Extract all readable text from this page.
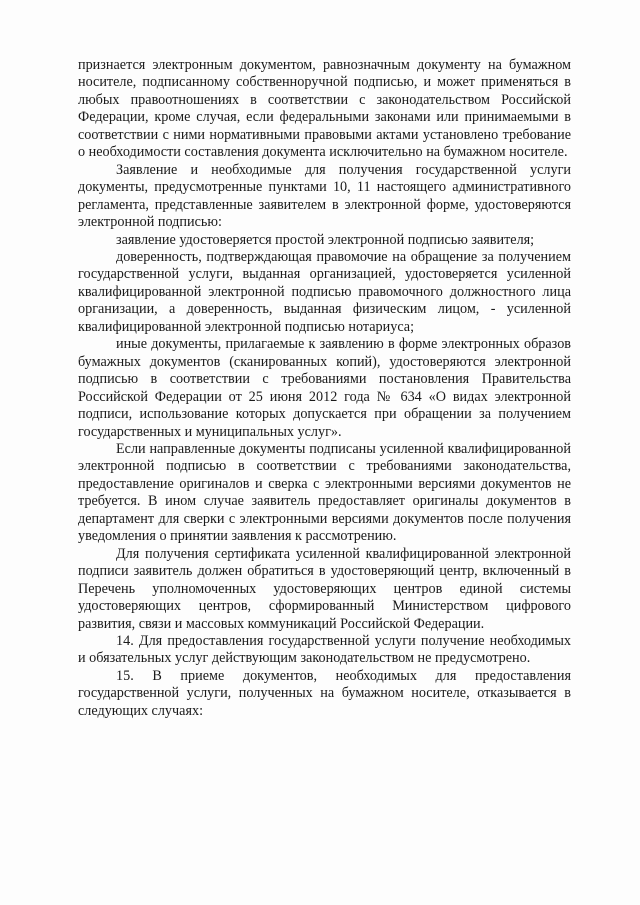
признается электронным документом, равнозначным документу на бумажном носителе, подписанному собственноручной подписью, и может применяться в любых правоотношениях в соответствии с законодательством Российской Федерации, кроме случая, если федеральными законами или принимаемыми в соответствии с ними нормативными правовыми актами установлено требование о необходимости составления документа исключительно на бумажном носителе.

Заявление и необходимые для получения государственной услуги документы, предусмотренные пунктами 10, 11 настоящего административного регламента, представленные заявителем в электронной форме, удостоверяются электронной подписью:

заявление удостоверяется простой электронной подписью заявителя;

доверенность, подтверждающая правомочие на обращение за получением государственной услуги, выданная организацией, удостоверяется усиленной квалифицированной электронной подписью правомочного должностного лица организации, а доверенность, выданная физическим лицом, - усиленной квалифицированной электронной подписью нотариуса;

иные документы, прилагаемые к заявлению в форме электронных образов бумажных документов (сканированных копий), удостоверяются электронной подписью в соответствии с требованиями постановления Правительства Российской Федерации от 25 июня 2012 года № 634 «О видах электронной подписи, использование которых допускается при обращении за получением государственных и муниципальных услуг».

Если направленные документы подписаны усиленной квалифицированной электронной подписью в соответствии с требованиями законодательства, предоставление оригиналов и сверка с электронными версиями документов не требуется. В ином случае заявитель предоставляет оригиналы документов в департамент для сверки с электронными версиями документов после получения уведомления о принятии заявления к рассмотрению.

Для получения сертификата усиленной квалифицированной электронной подписи заявитель должен обратиться в удостоверяющий центр, включенный в Перечень уполномоченных удостоверяющих центров единой системы удостоверяющих центров, сформированный Министерством цифрового развития, связи и массовых коммуникаций Российской Федерации.

14. Для предоставления государственной услуги получение необходимых и обязательных услуг действующим законодательством не предусмотрено.

15. В приеме документов, необходимых для предоставления государственной услуги, полученных на бумажном носителе, отказывается в следующих случаях:
